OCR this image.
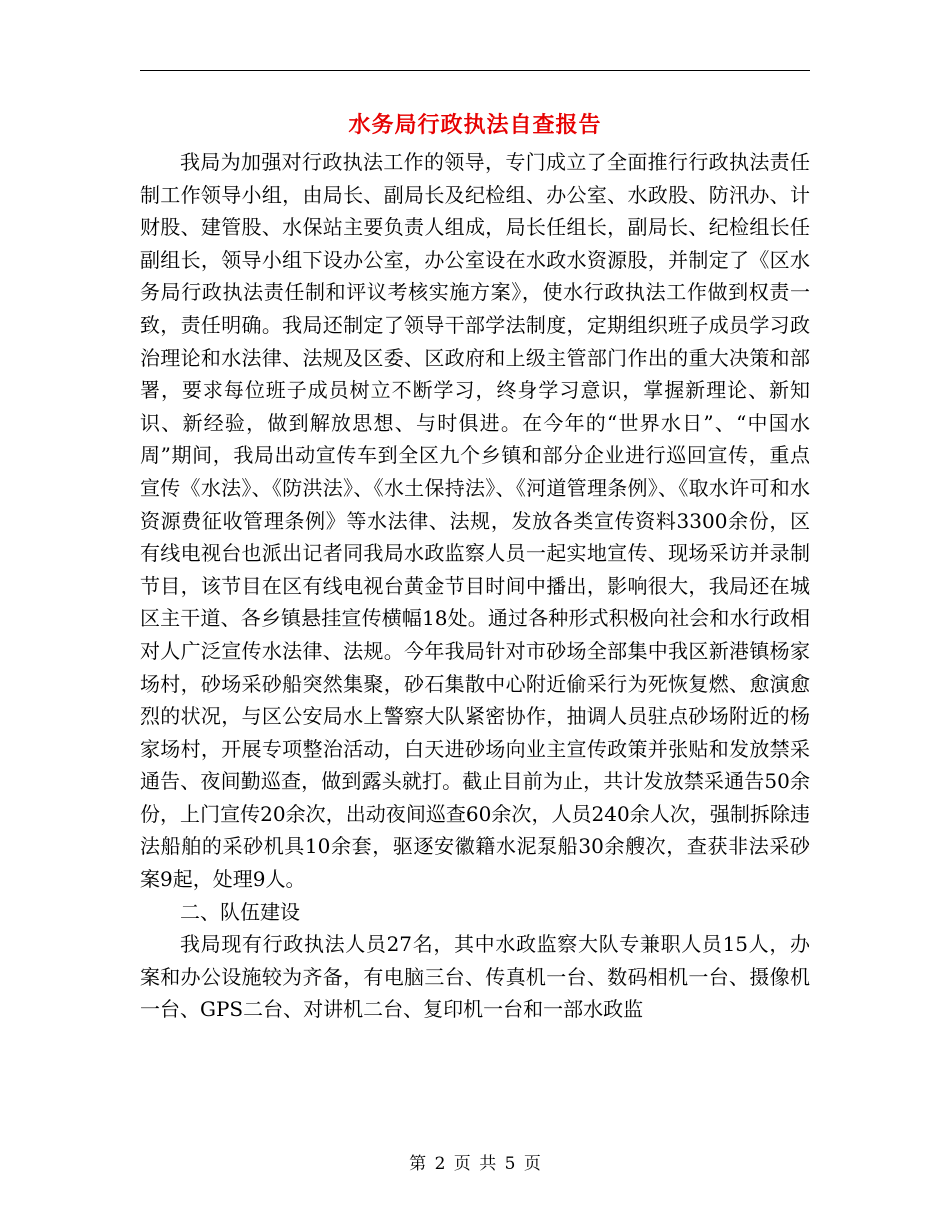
水务局行政执法自查报告

我局为加强对行政执法工作的领导，专门成立了全面推行行政执法责任制工作领导小组，由局长、副局长及纪检组、办公室、水政股、防汛办、计财股、建管股、水保站主要负责人组成，局长任组长，副局长、纪检组长任副组长，领导小组下设办公室，办公室设在水政水资源股，并制定了《区水务局行政执法责任制和评议考核实施方案》，使水行政执法工作做到权责一致，责任明确。我局还制定了领导干部学法制度，定期组织班子成员学习政治理论和水法律、法规及区委、区政府和上级主管部门作出的重大决策和部署，要求每位班子成员树立不断学习，终身学习意识，掌握新理论、新知识、新经验，做到解放思想、与时俱进。在今年的“世界水日”、“中国水周”期间，我局出动宣传车到全区九个乡镇和部分企业进行巡回宣传，重点宣传《水法》、《防洪法》、《水土保持法》、《河道管理条例》、《取水许可和水资源费征收管理条例》等水法律、法规，发放各类宣传资料3300余份，区有线电视台也派出记者同我局水政监察人员一起实地宣传、现场采访并录制节目，该节目在区有线电视台黄金节目时间中播出，影响很大，我局还在城区主干道、各乡镇悬挂宣传横幅18处。通过各种形式积极向社会和水行政相对人广泛宣传水法律、法规。今年我局针对市砂场全部集中我区新港镇杨家场村，砂场采砂船突然集聚，砂石集散中心附近偷采行为死恢复燃、愈演愈烈的状况，与区公安局水上警察大队紧密协作，抽调人员驻点砂场附近的杨家场村，开展专项整治活动，白天进砂场向业主宣传政策并张贴和发放禁采通告、夜间勤巡查，做到露头就打。截止目前为止，共计发放禁采通告50余份，上门宣传20余次，出动夜间巡查60余次，人员240余人次，强制拆除违法船舶的采砂机具10余套，驱逐安徽籍水泥泵船30余艘次，查获非法采砂案9起，处理9人。

二、队伍建设

我局现有行政执法人员27名，其中水政监察大队专兼职人员15人，办案和办公设施较为齐备，有电脑三台、传真机一台、数码相机一台、摄像机一台、GPS二台、对讲机二台、复印机一台和一部水政监

第 2 页 共 5 页
